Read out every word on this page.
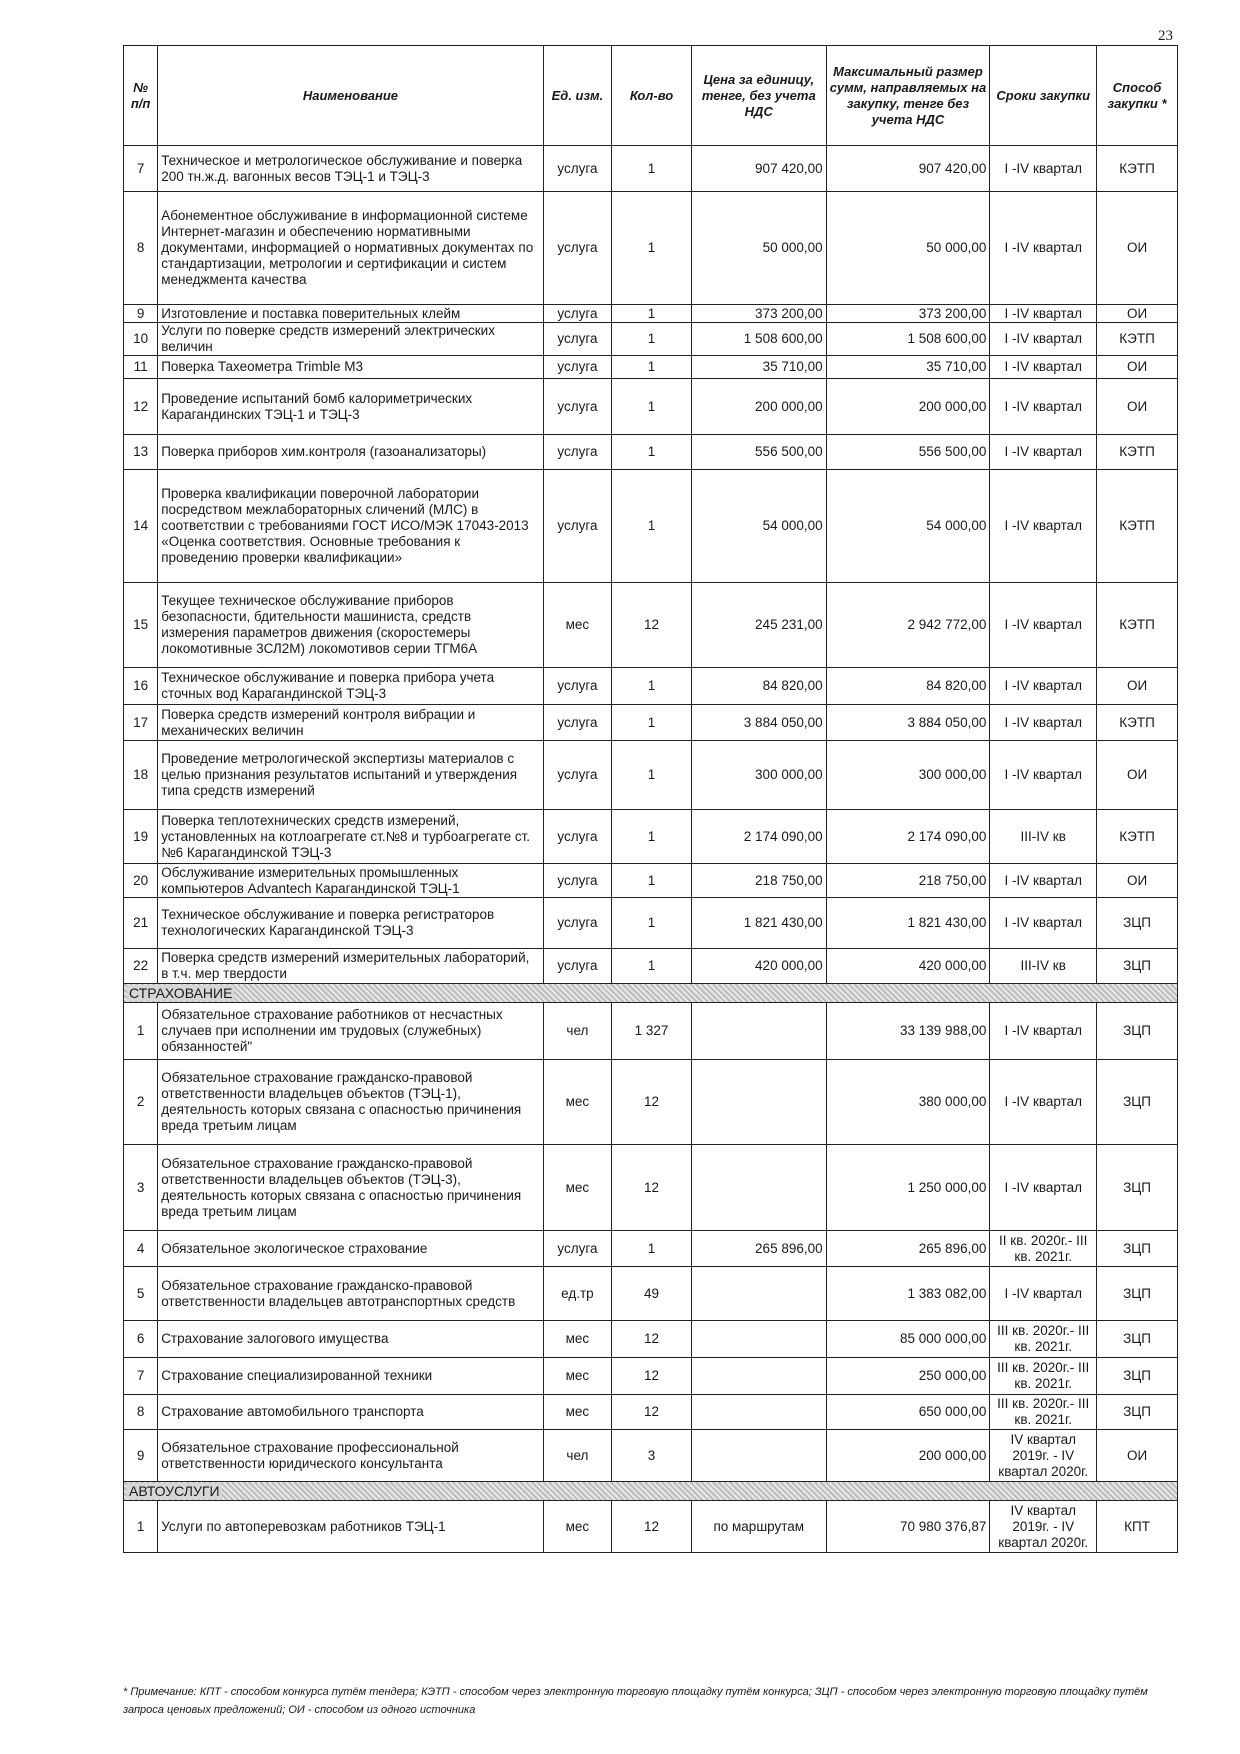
23
№ п/п	Наименование	Ед. изм.	Кол-во	Цена за единицу, тенге, без учета НДС	Максимальный размер сумм, направляемых на закупку, тенге без учета НДС	Сроки закупки	Способ закупки *
7	Техническое и метрологическое обслуживание и поверка 200 тн.ж.д. вагонных весов ТЭЦ-1 и ТЭЦ-3	услуга	1	907 420,00	907 420,00	I -IV квартал	КЭТП
8	Абонементное обслуживание в информационной системе Интернет-магазин и обеспечению нормативными документами, информацией о нормативных документах по стандартизации, метрологии и сертификации и систем менеджмента качества	услуга	1	50 000,00	50 000,00	I -IV квартал	ОИ
9	Изготовление и поставка поверительных клейм	услуга	1	373 200,00	373 200,00	I -IV квартал	ОИ
10	Услуги по поверке средств измерений электрических величин	услуга	1	1 508 600,00	1 508 600,00	I -IV квартал	КЭТП
11	Поверка Тахеометра Trimble M3	услуга	1	35 710,00	35 710,00	I -IV квартал	ОИ
12	Проведение испытаний бомб калориметрических Карагандинских ТЭЦ-1 и ТЭЦ-3	услуга	1	200 000,00	200 000,00	I -IV квартал	ОИ
13	Поверка приборов хим.контроля (газоанализаторы)	услуга	1	556 500,00	556 500,00	I -IV квартал	КЭТП
14	Проверка квалификации поверочной лаборатории посредством межлабораторных сличений (МЛС) в соответствии с требованиями ГОСТ ИСО/МЭК 17043-2013 «Оценка соответствия. Основные требования к проведению проверки квалификации»	услуга	1	54 000,00	54 000,00	I -IV квартал	КЭТП
15	Текущее техническое обслуживание приборов безопасности, бдительности машиниста, средств измерения параметров движения (скоростемеры локомотивные 3СЛ2М) локомотивов серии ТГМ6А	мес	12	245 231,00	2 942 772,00	I -IV квартал	КЭТП
16	Техническое обслуживание и поверка прибора учета сточных вод Карагандинской ТЭЦ-3	услуга	1	84 820,00	84 820,00	I -IV квартал	ОИ
17	Поверка средств измерений контроля вибрации и механических величин	услуга	1	3 884 050,00	3 884 050,00	I -IV квартал	КЭТП
18	Проведение метрологической экспертизы материалов с целью признания результатов испытаний и утверждения типа средств измерений	услуга	1	300 000,00	300 000,00	I -IV квартал	ОИ
19	Поверка теплотехнических средств измерений, установленных на котлоагрегате ст.№8 и турбоагрегате ст.№6 Карагандинской ТЭЦ-3	услуга	1	2 174 090,00	2 174 090,00	III-IV кв	КЭТП
20	Обслуживание измерительных промышленных компьютеров Advantech Карагандинской ТЭЦ-1	услуга	1	218 750,00	218 750,00	I -IV квартал	ОИ
21	Техническое обслуживание и поверка регистраторов технологических Карагандинской ТЭЦ-3	услуга	1	1 821 430,00	1 821 430,00	I -IV квартал	ЗЦП
22	Поверка средств измерений измерительных лабораторий, в т.ч. мер твердости	услуга	1	420 000,00	420 000,00	III-IV кв	ЗЦП
СТРАХОВАНИЕ							
1	Обязательное страхование работников от несчастных случаев при исполнении им трудовых (служебных) обязанностей"	чел	1 327		33 139 988,00	I -IV квартал	ЗЦП
2	Обязательное страхование гражданско-правовой ответственности владельцев объектов (ТЭЦ-1), деятельность которых связана с опасностью причинения вреда третьим лицам	мес	12		380 000,00	I -IV квартал	ЗЦП
3	Обязательное страхование гражданско-правовой ответственности владельцев объектов (ТЭЦ-3), деятельность которых связана с опасностью причинения вреда третьим лицам	мес	12		1 250 000,00	I -IV квартал	ЗЦП
4	Обязательное экологическое страхование	услуга	1	265 896,00	265 896,00	II кв. 2020г.- III кв. 2021г.	ЗЦП
5	Обязательное страхование гражданско-правовой ответственности владельцев автотранспортных средств	ед.тр	49		1 383 082,00	I -IV квартал	ЗЦП
6	Страхование залогового имущества	мес	12		85 000 000,00	III кв. 2020г.- III кв. 2021г.	ЗЦП
7	Страхование специализированной техники	мес	12		250 000,00	III кв. 2020г.- III кв. 2021г.	ЗЦП
8	Страхование автомобильного транспорта	мес	12		650 000,00	III кв. 2020г.- III кв. 2021г.	ЗЦП
9	Обязательное страхование профессиональной ответственности юридического консультанта	чел	3		200 000,00	IV квартал 2019г. - IV квартал 2020г.	ОИ
АВТОУСЛУГИ							
1	Услуги по автоперевозкам работников ТЭЦ-1	мес	12	по маршрутам	70 980 376,87	IV квартал 2019г. - IV квартал 2020г.	КПТ
* Примечание: КПТ - способом конкурса путём тендера; КЭТП - способом через электронную торговую площадку путём конкурса; ЗЦП - способом через электронную торговую площадку путём запроса ценовых предложений; ОИ - способом из одного источника
